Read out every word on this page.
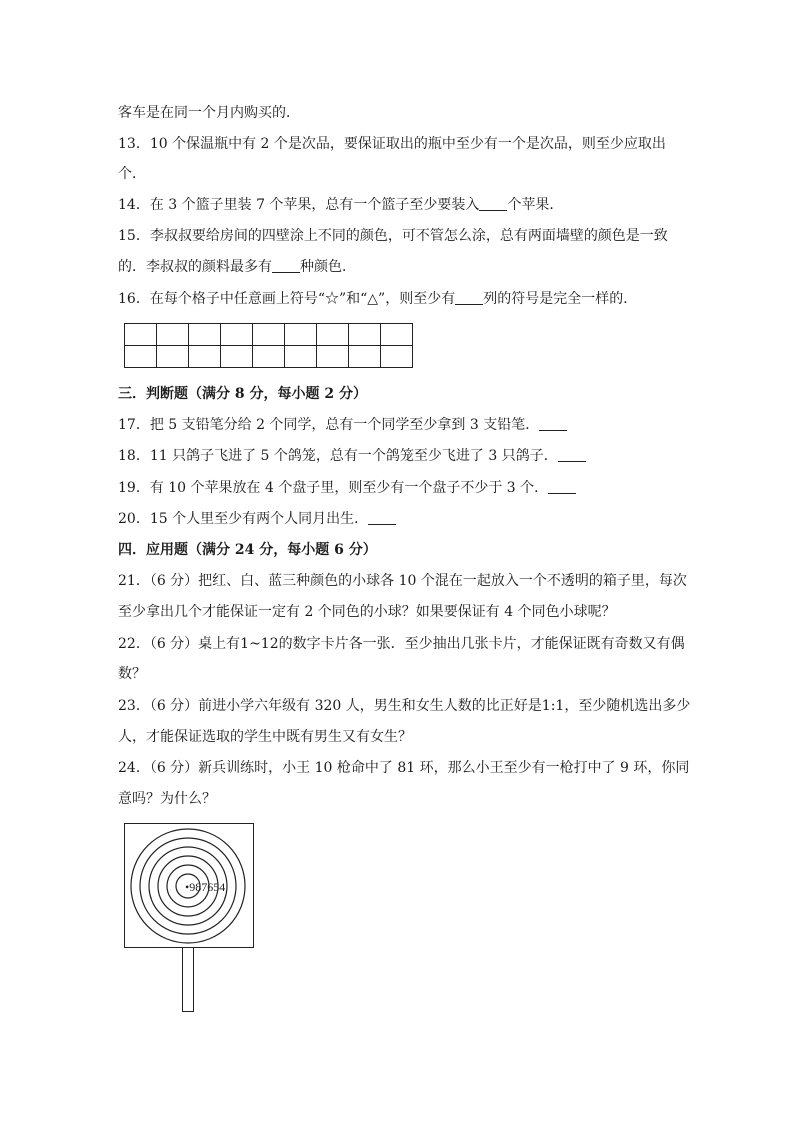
客车是在同一个月内购买的．
13．10 个保温瓶中有 2 个是次品，要保证取出的瓶中至少有一个是次品，则至少应取出
个．
14．在 3 个篮子里装 7 个苹果，总有一个篮子至少要装入 个苹果．
15．李叔叔要给房间的四壁涂上不同的颜色，可不管怎么涂，总有两面墙壁的颜色是一致
的．李叔叔的颜料最多有 种颜色．
16．在每个格子中任意画上符号“☆”和“△”，则至少有 列的符号是完全一样的．

三．判断题（满分 8 分，每小题 2 分）
17．把 5 支铅笔分给 2 个同学，总有一个同学至少拿到 3 支铅笔．
18．11 只鸽子飞进了 5 个鸽笼，总有一个鸽笼至少飞进了 3 只鸽子．
19．有 10 个苹果放在 4 个盘子里，则至少有一个盘子不少于 3 个．
20．15 个人里至少有两个人同月出生．
四．应用题（满分 24 分，每小题 6 分）
21．（6 分）把红、白、蓝三种颜色的小球各 10 个混在一起放入一个不透明的箱子里，每次
至少拿出几个才能保证一定有 2 个同色的小球？如果要保证有 4 个同色小球呢？
22．（6 分）桌上有1~12的数字卡片各一张．至少抽出几张卡片，才能保证既有奇数又有偶
数？
23．（6 分）前进小学六年级有 320 人，男生和女生人数的比正好是1:1，至少随机选出多少
人，才能保证选取的学生中既有男生又有女生？
24．（6 分）新兵训练时，小王 10 枪命中了 81 环，那么小王至少有一枪打中了 9 环，你同
意吗？为什么？
•987654
